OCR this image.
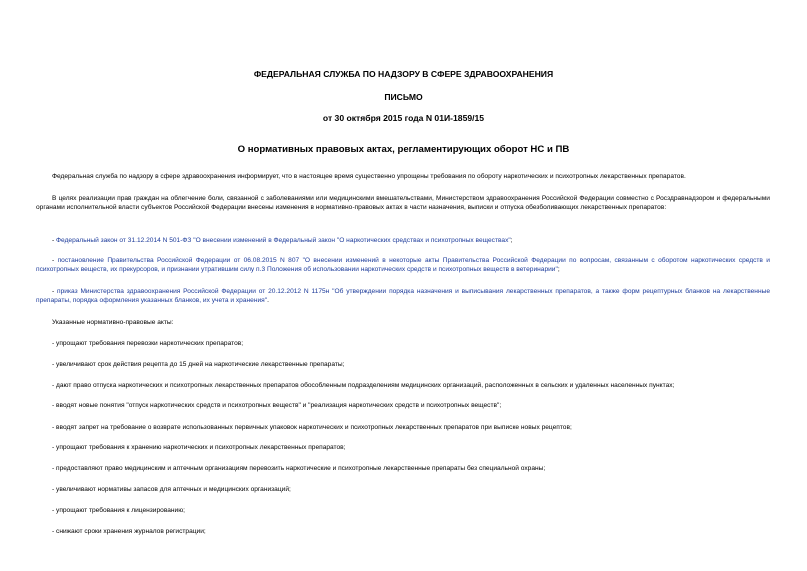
ФЕДЕРАЛЬНАЯ СЛУЖБА ПО НАДЗОРУ В СФЕРЕ ЗДРАВООХРАНЕНИЯ

ПИСЬМО

от 30 октября 2015 года N 01И-1859/15

О нормативных правовых актах, регламентирующих оборот НС и ПВ

Федеральная служба по надзору в сфере здравоохранения информирует, что в настоящее время существенно упрощены требования по обороту наркотических и психотропных лекарственных препаратов.

В целях реализации прав граждан на облегчение боли, связанной с заболеваниями или медицинскими вмешательствами, Министерством здравоохранения Российской Федерации совместно с Росздравнадзором и федеральными органами исполнительной власти субъектов Российской Федерации внесены изменения в нормативно-правовых актах в части назначения, выписки и отпуска обезболивающих лекарственных препаратов:

- Федеральный закон от 31.12.2014 N 501-ФЗ "О внесении изменений в Федеральный закон "О наркотических средствах и психотропных веществах";

- постановление Правительства Российской Федерации от 06.08.2015 N 807 "О внесении изменений в некоторые акты Правительства Российской Федерации по вопросам, связанным с оборотом наркотических средств и психотропных веществ, их прекурсоров, и признании утратившим силу п.3 Положения об использовании наркотических средств и психотропных веществ в ветеринарии";

- приказ Министерства здравоохранения Российской Федерации от 20.12.2012 N 1175н "Об утверждении порядка назначения и выписывания лекарственных препаратов, а также форм рецептурных бланков на лекарственные препараты, порядка оформления указанных бланков, их учета и хранения".

Указанные нормативно-правовые акты:

- упрощают требования перевозки наркотических препаратов;

- увеличивают срок действия рецепта до 15 дней на наркотические лекарственные препараты;

- дают право отпуска наркотических и психотропных лекарственных препаратов обособленным подразделениям медицинских организаций, расположенных в сельских и удаленных населенных пунктах;

- вводят новые понятия "отпуск наркотических средств и психотропных веществ" и "реализация наркотических средств и психотропных веществ";

- вводят запрет на требование о возврате использованных первичных упаковок наркотических и психотропных лекарственных препаратов при выписке новых рецептов;

- упрощают требования к хранению наркотических и психотропных лекарственных препаратов;

- предоставляют право медицинским и аптечным организациям перевозить наркотические и психотропные лекарственные препараты без специальной охраны;

- увеличивают нормативы запасов для аптечных и медицинских организаций;

- упрощают требования к лицензированию;

- снижают сроки хранения журналов регистрации;
